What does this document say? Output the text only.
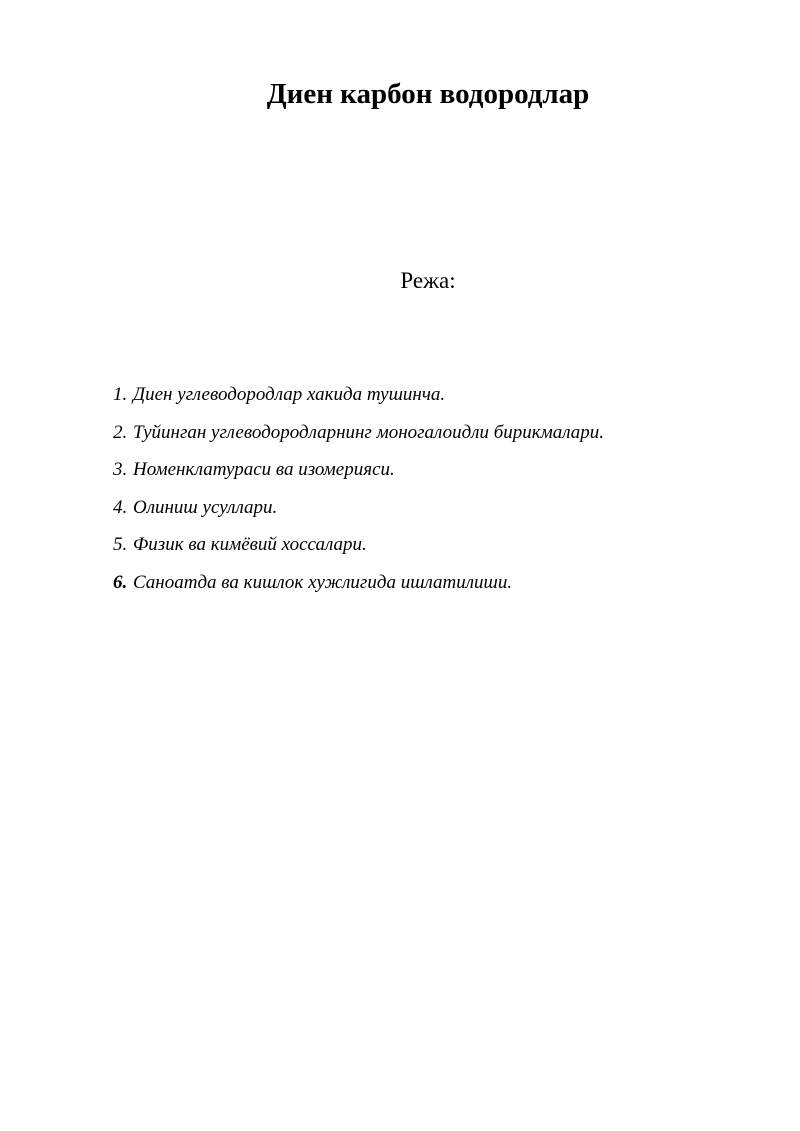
Диен карбон водородлар
Режа:
1. Диен углеводородлар хакида тушинча.
2. Туйинган углеводородларнинг моногалоидли бирикмалари.
3. Номенклатураси ва изомерияси.
4. Олиниш усуллари.
5. Физик ва кимёвий хоссалари.
6. Саноатда ва кишлок хужлигида ишлатилиши.
